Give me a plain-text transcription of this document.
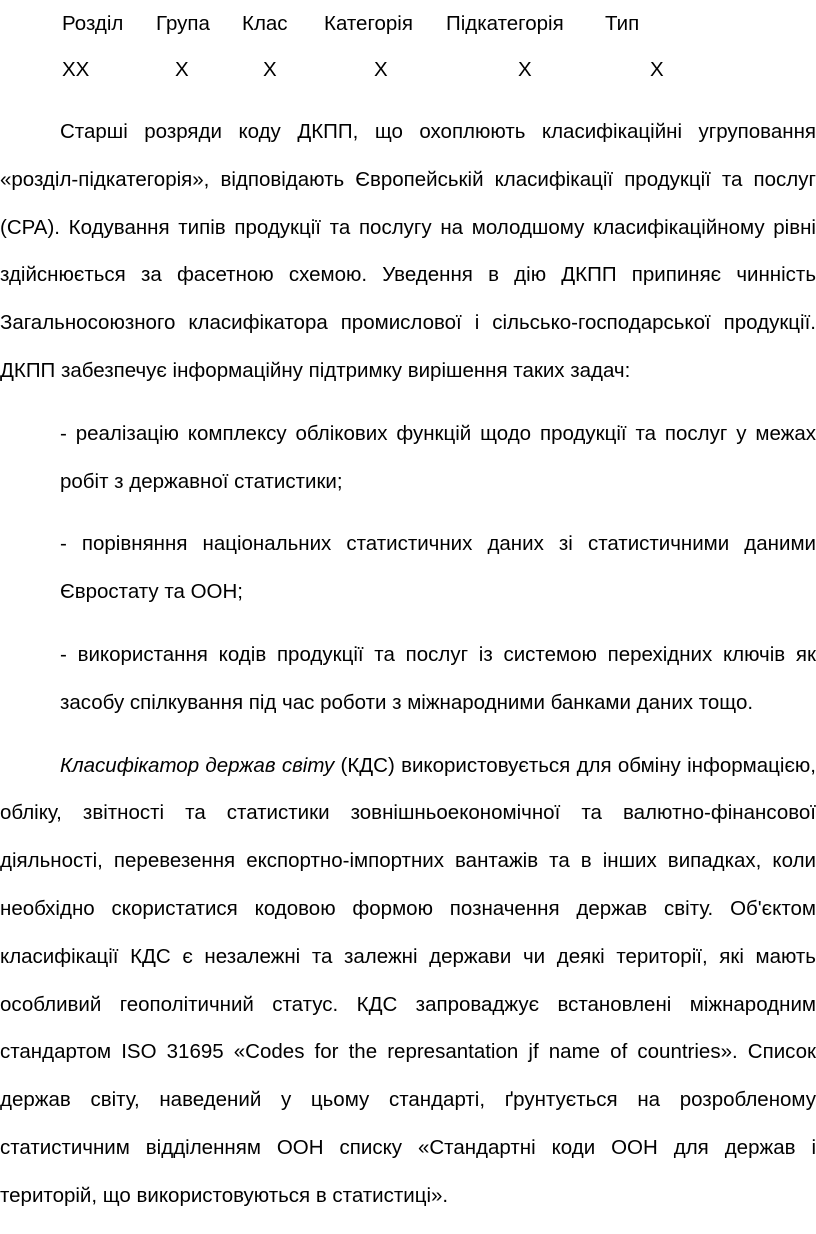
Розділ Група Клас Категорія Підкатегорія Тип
XX	X	X	X	X	X

Старші розряди коду ДКПП, що охоплюють класифікаційні угруповання «розділ-підкатегорія», відповідають Європейській класифікації продукції та послуг (CPA). Кодування типів продукції та послугу на молодшому класифікаційному рівні здійснюється за фасетною схемою. Уведення в дію ДКПП припиняє чинність Загальносоюзного класифікатора промислової і сільсько-господарської продукції. ДКПП забезпечує інформаційну підтримку вирішення таких задач:

- реалізацію комплексу облікових функцій щодо продукції та послуг у межах робіт з державної статистики;

- порівняння національних статистичних даних зі статистичними даними Євростату та ООН;

- використання кодів продукції та послуг із системою перехідних ключів як засобу спілкування під час роботи з міжнародними банками даних тощо.

Класифікатор держав світу (КДС) використовується для обміну інформацією, обліку, звітності та статистики зовнішньоекономічної та валютно-фінансової діяльності, перевезення експортно-імпортних вантажів та в інших випадках, коли необхідно скористатися кодовою формою позначення держав світу. Об'єктом класифікації КДС є незалежні та залежні держави чи деякі території, які мають особливий геополітичний статус. КДС запроваджує встановлені міжнародним стандартом ISO 31695 «Codes for the represantation jf name of countries». Список держав світу, наведений у цьому стандарті, ґрунтується на розробленому статистичним відділенням ООН списку «Стандартні коди ООН для держав і територій, що використовуються в статистиці».
